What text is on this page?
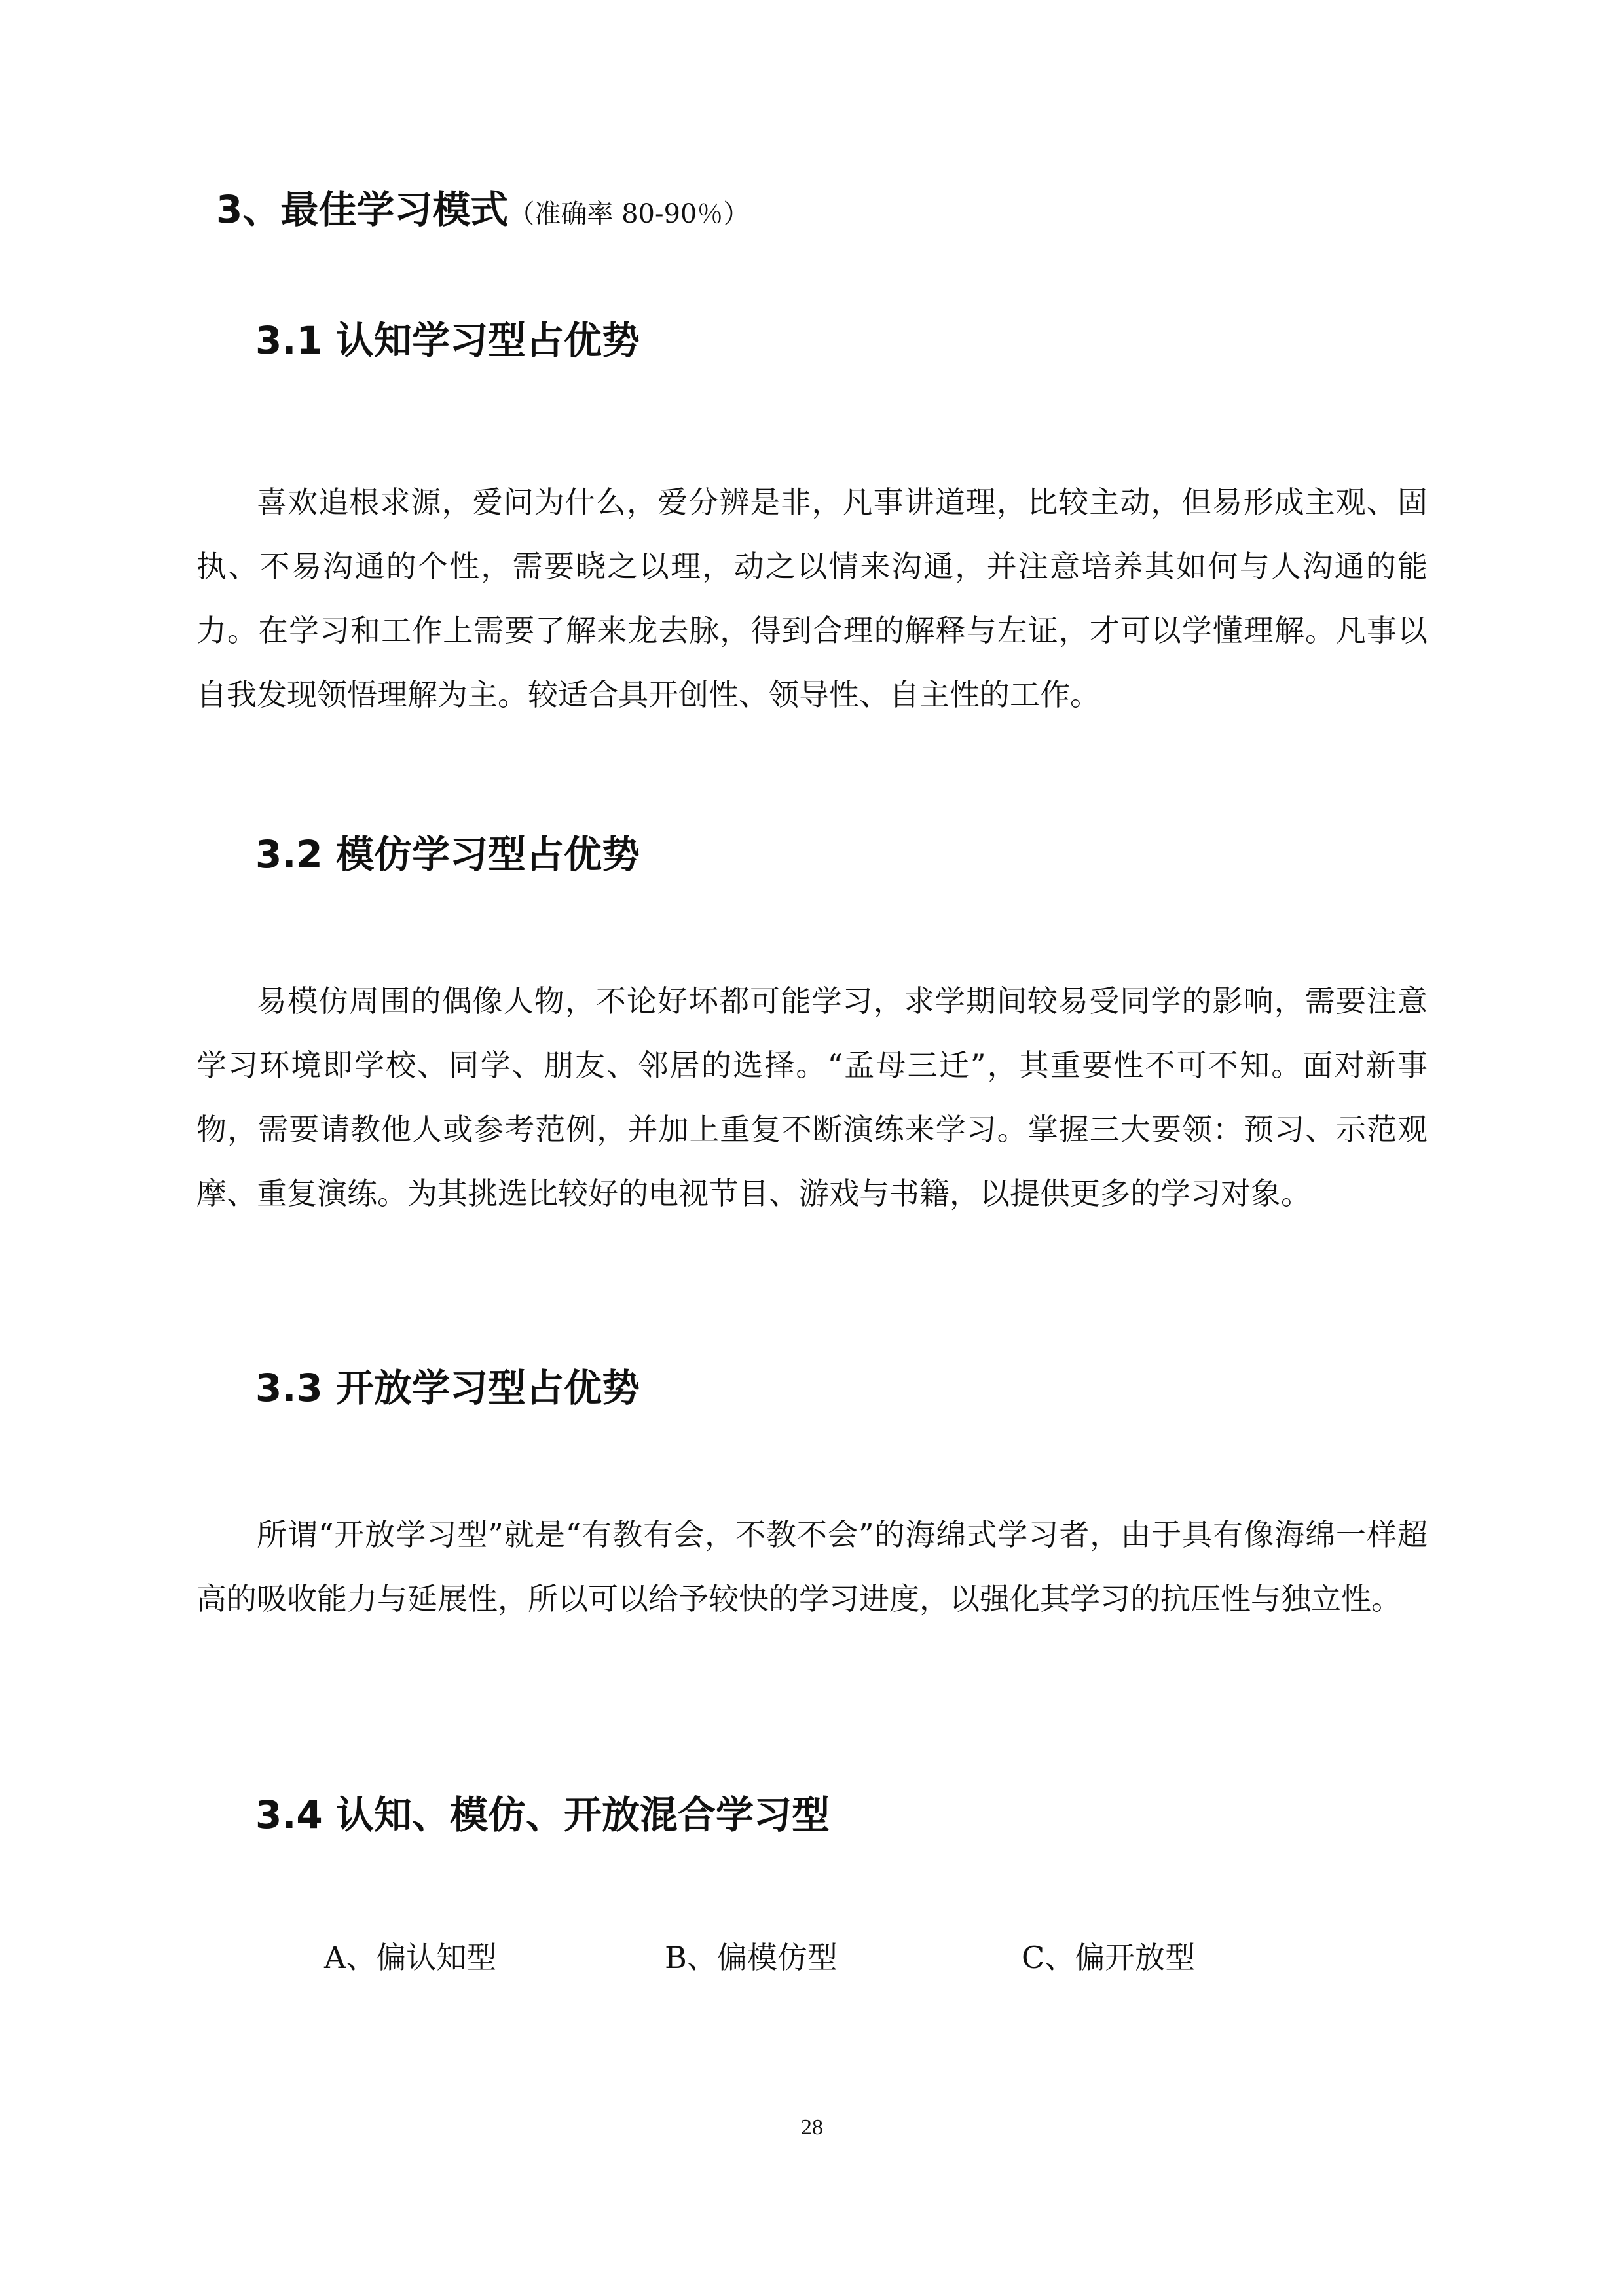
3、最佳学习模式（准确率 80-90％）
3.1 认知学习型占优势

喜欢追根求源，爱问为什么，爱分辨是非，凡事讲道理，比较主动，但易形成主观、固执、不易沟通的个性，需要晓之以理，动之以情来沟通，并注意培养其如何与人沟通的能力。在学习和工作上需要了解来龙去脉，得到合理的解释与左证，才可以学懂理解。凡事以自我发现领悟理解为主。较适合具开创性、领导性、自主性的工作。

3.2 模仿学习型占优势

易模仿周围的偶像人物，不论好坏都可能学习，求学期间较易受同学的影响，需要注意学习环境即学校、同学、朋友、邻居的选择。“孟母三迁”，其重要性不可不知。面对新事物，需要请教他人或参考范例，并加上重复不断演练来学习。掌握三大要领：预习、示范观摩、重复演练。为其挑选比较好的电视节目、游戏与书籍，以提供更多的学习对象。

3.3 开放学习型占优势

所谓“开放学习型”就是“有教有会，不教不会”的海绵式学习者，由于具有像海绵一样超高的吸收能力与延展性，所以可以给予较快的学习进度，以强化其学习的抗压性与独立性。

3.4 认知、模仿、开放混合学习型
A、偏认知型	B、偏模仿型	C、偏开放型
28
